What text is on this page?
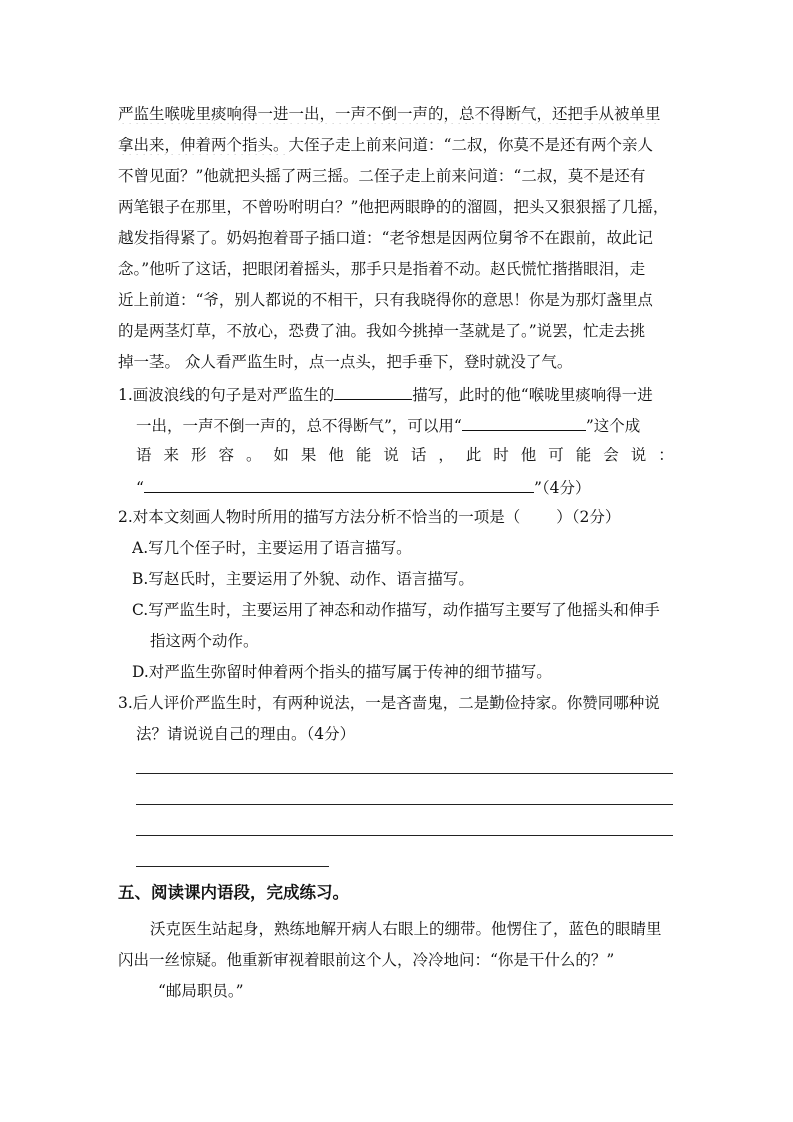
严监生喉咙里痰响得一进一出，一声不倒一声的，总不得断气，还把手从被单里
拿出来，伸着两个指头。大侄子走上前来问道：“二叔，你莫不是还有两个亲人
不曾见面？”他就把头摇了两三摇。二侄子走上前来问道：“二叔，莫不是还有
两笔银子在那里，不曾吩咐明白？”他把两眼睁的的溜圆，把头又狠狠摇了几摇，
越发指得紧了。奶妈抱着哥子插口道：“老爷想是因两位舅爷不在跟前，故此记
念。”他听了这话，把眼闭着摇头，那手只是指着不动。赵氏慌忙揩揩眼泪，走
近上前道：“爷，别人都说的不相干，只有我晓得你的意思！你是为那灯盏里点
的是两茎灯草，不放心，恐费了油。我如今挑掉一茎就是了。”说罢，忙走去挑
掉一茎。 众人看严监生时，点一点头，把手垂下，登时就没了气。
1.画波浪线的句子是对严监生的	描写，此时的他“喉咙里痰响得一进
一出，一声不倒一声的，总不得断气”，可以用“	”这个成
语 来 形 容 。 如 果 他 能 说 话 ， 此 时 他 可 能 会 说 ：
“	”（4分）
2.对本文刻画人物时所用的描写方法分析不恰当的一项是（ ）（2分）
A.写几个侄子时，主要运用了语言描写。
B.写赵氏时，主要运用了外貌、动作、语言描写。
C.写严监生时，主要运用了神态和动作描写，动作描写主要写了他摇头和伸手
指这两个动作。
D.对严监生弥留时伸着两个指头的描写属于传神的细节描写。
3.后人评价严监生时，有两种说法，一是吝啬鬼，二是勤俭持家。你赞同哪种说
法？请说说自己的理由。（4分）
五、阅读课内语段，完成练习。
沃克医生站起身，熟练地解开病人右眼上的绷带。他愣住了，蓝色的眼睛里
闪出一丝惊疑。他重新审视着眼前这个人，冷冷地问：“你是干什么的？”
“邮局职员。”
